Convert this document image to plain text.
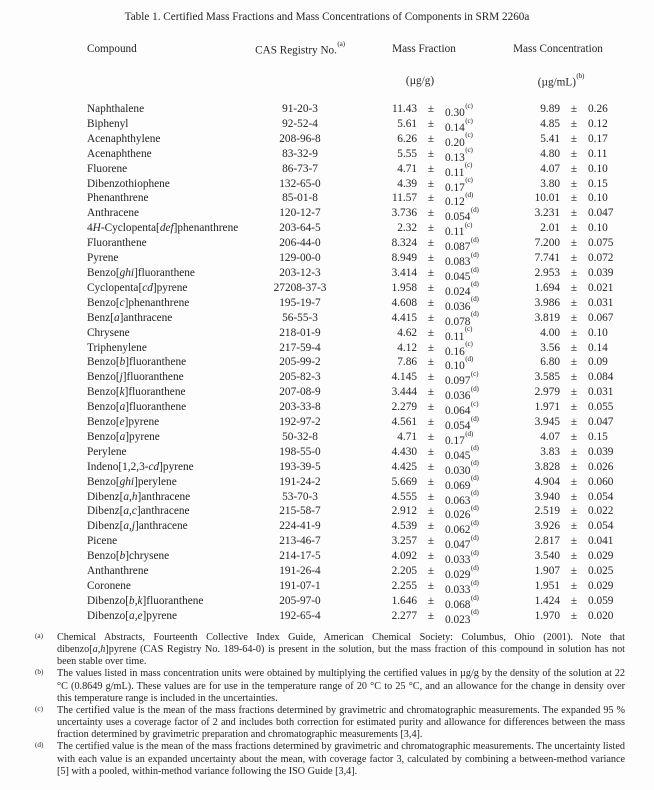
Table 1. Certified Mass Fractions and Mass Concentrations of Components in SRM 2260a
Compound	CAS Registry No.$^{(a)}$	Mass Fraction	Mass Concentration
(µg/g)	(µg/mL)$^{(b)}$
Naphthalene	91-20-3	11.43 ± 0.30$^{(c)}$	9.89 ± 0.26
Biphenyl	92-52-4	5.61 ± 0.14$^{(c)}$	4.85 ± 0.12
Acenaphthylene	208-96-8	6.26 ± 0.20$^{(c)}$	5.41 ± 0.17
Acenaphthene	83-32-9	5.55 ± 0.13$^{(c)}$	4.80 ± 0.11
Fluorene	86-73-7	4.71 ± 0.11$^{(c)}$	4.07 ± 0.10
Dibenzothiophene	132-65-0	4.39 ± 0.17$^{(c)}$	3.80 ± 0.15
Phenanthrene	85-01-8	11.57 ± 0.12$^{(d)}$	10.01 ± 0.10
Anthracene	120-12-7	3.736 ± 0.054$^{(d)}$	3.231 ± 0.047
4H-Cyclopenta[def]phenanthrene	203-64-5	2.32 ± 0.11$^{(c)}$	2.01 ± 0.10
Fluoranthene	206-44-0	8.324 ± 0.087$^{(d)}$	7.200 ± 0.075
Pyrene	129-00-0	8.949 ± 0.083$^{(d)}$	7.741 ± 0.072
Benzo[ghi]fluoranthene	203-12-3	3.414 ± 0.045$^{(d)}$	2.953 ± 0.039
Cyclopenta[cd]pyrene	27208-37-3	1.958 ± 0.024$^{(d)}$	1.694 ± 0.021
Benzo[c]phenanthrene	195-19-7	4.608 ± 0.036$^{(d)}$	3.986 ± 0.031
Benz[a]anthracene	56-55-3	4.415 ± 0.078$^{(d)}$	3.819 ± 0.067
Chrysene	218-01-9	4.62 ± 0.11$^{(c)}$	4.00 ± 0.10
Triphenylene	217-59-4	4.12 ± 0.16$^{(c)}$	3.56 ± 0.14
Benzo[b]fluoranthene	205-99-2	7.86 ± 0.10$^{(d)}$	6.80 ± 0.09
Benzo[j]fluoranthene	205-82-3	4.145 ± 0.097$^{(c)}$	3.585 ± 0.084
Benzo[k]fluoranthene	207-08-9	3.444 ± 0.036$^{(d)}$	2.979 ± 0.031
Benzo[a]fluoranthene	203-33-8	2.279 ± 0.064$^{(c)}$	1.971 ± 0.055
Benzo[e]pyrene	192-97-2	4.561 ± 0.054$^{(d)}$	3.945 ± 0.047
Benzo[a]pyrene	50-32-8	4.71 ± 0.17$^{(d)}$	4.07 ± 0.15
Perylene	198-55-0	4.430 ± 0.045$^{(d)}$	3.83 ± 0.039
Indeno[1,2,3-cd]pyrene	193-39-5	4.425 ± 0.030$^{(d)}$	3.828 ± 0.026
Benzo[ghi]perylene	191-24-2	5.669 ± 0.069$^{(d)}$	4.904 ± 0.060
Dibenz[a,h]anthracene	53-70-3	4.555 ± 0.063$^{(d)}$	3.940 ± 0.054
Dibenz[a,c]anthracene	215-58-7	2.912 ± 0.026$^{(d)}$	2.519 ± 0.022
Dibenz[a,j]anthracene	224-41-9	4.539 ± 0.062$^{(d)}$	3.926 ± 0.054
Picene	213-46-7	3.257 ± 0.047$^{(d)}$	2.817 ± 0.041
Benzo[b]chrysene	214-17-5	4.092 ± 0.033$^{(d)}$	3.540 ± 0.029
Anthanthrene	191-26-4	2.205 ± 0.029$^{(d)}$	1.907 ± 0.025
Coronene	191-07-1	2.255 ± 0.033$^{(d)}$	1.951 ± 0.029
Dibenzo[b,k]fluoranthene	205-97-0	1.646 ± 0.068$^{(d)}$	1.424 ± 0.059
Dibenzo[a,e]pyrene	192-65-4	2.277 ± 0.023$^{(d)}$	1.970 ± 0.020
(a) Chemical Abstracts, Fourteenth Collective Index Guide, American Chemical Society: Columbus, Ohio (2001). Note that dibenzo[a,h]pyrene (CAS Registry No. 189-64-0) is present in the solution, but the mass fraction of this compound in solution has not been stable over time.
(b) The values listed in mass concentration units were obtained by multiplying the certified values in µg/g by the density of the solution at 22 °C (0.8649 g/mL). These values are for use in the temperature range of 20 °C to 25 °C, and an allowance for the change in density over this temperature range is included in the uncertainties.
(c) The certified value is the mean of the mass fractions determined by gravimetric and chromatographic measurements. The expanded 95 % uncertainty uses a coverage factor of 2 and includes both correction for estimated purity and allowance for differences between the mass fraction determined by gravimetric preparation and chromatographic measurements [3,4].
(d) The certified value is the mean of the mass fractions determined by gravimetric and chromatographic measurements. The uncertainty listed with each value is an expanded uncertainty about the mean, with coverage factor 3, calculated by combining a between-method variance [5] with a pooled, within-method variance following the ISO Guide [3,4].
